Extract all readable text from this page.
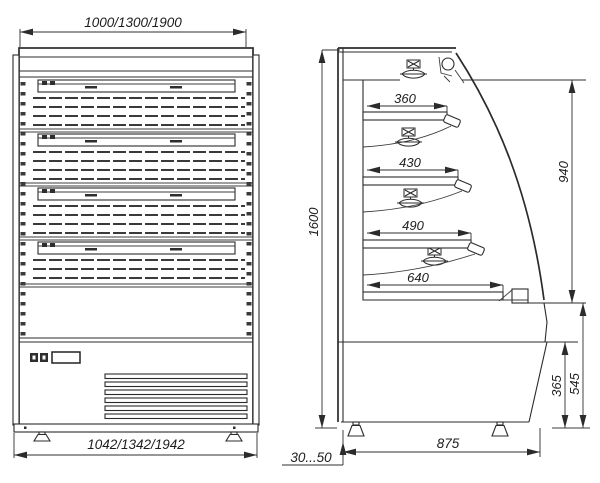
1000/1300/1900
1042/1342/1942
1600
360
430
490
640
940
365 545
875
30...50
